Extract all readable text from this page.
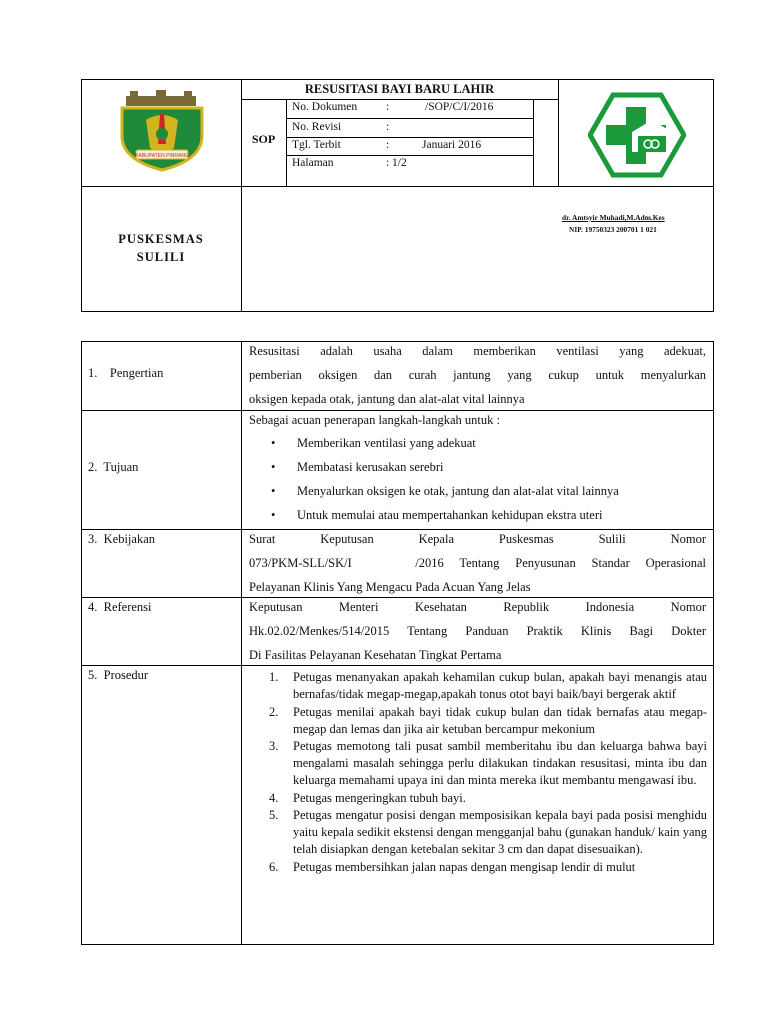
KABUPATEN PINRANG
RESUSITASI BAYI BARU LAHIR
SOP
No. Dokumen	:	/SOP/C/I/2016
No. Revisi	:
Tgl. Terbit	:	Januari 2016
Halaman	: 1/2
PUSKESMAS
SULILI
dr. Amtsyir Muhadi,M.Adm.Kes
NIP. 19750323 200701 1 021
1. Pengertian
Resusitasi adalah usaha dalam memberikan ventilasi yang adekuat,
pemberian oksigen dan curah jantung yang cukup untuk menyalurkan
oksigen kepada otak, jantung dan alat-alat vital lainnya
2. Tujuan
Sebagai acuan penerapan langkah-langkah untuk :
• Memberikan ventilasi yang adekuat
• Membatasi kerusakan serebri
• Menyalurkan oksigen ke otak, jantung dan alat-alat vital lainnya
• Untuk memulai atau mempertahankan kehidupan ekstra uteri
3. Kebijakan	Surat Keputusan Kepala Puskesmas Sulili Nomor
073/PKM-SLL/SK/I    /2016 Tentang Penyusunan Standar Operasional
Pelayanan Klinis Yang Mengacu Pada Acuan Yang Jelas
4. Referensi	Keputusan Menteri Kesehatan Republik Indonesia Nomor
Hk.02.02/Menkes/514/2015 Tentang Panduan Praktik Klinis Bagi Dokter
Di Fasilitas Pelayanan Kesehatan Tingkat Pertama
5. Prosedur	1. Petugas menanyakan apakah kehamilan cukup bulan, apakah bayi menangis atau bernafas/tidak megap-megap,apakah tonus otot bayi baik/bayi bergerak aktif
2. Petugas menilai apakah bayi tidak cukup bulan dan tidak bernafas atau megap-megap dan lemas dan jika air ketuban bercampur mekonium
3. Petugas memotong tali pusat sambil memberitahu ibu dan keluarga bahwa bayi mengalami masalah sehingga perlu dilakukan tindakan resusitasi, minta ibu dan keluarga memahami upaya ini dan minta mereka ikut membantu mengawasi ibu.
4. Petugas mengeringkan tubuh bayi.
5. Petugas mengatur posisi dengan memposisikan kepala bayi pada posisi menghidu yaitu kepala sedikit ekstensi dengan mengganjal bahu (gunakan handuk/ kain yang telah disiapkan dengan ketebalan sekitar 3 cm dan dapat disesuaikan).
6. Petugas membersihkan jalan napas dengan mengisap lendir di mulut
